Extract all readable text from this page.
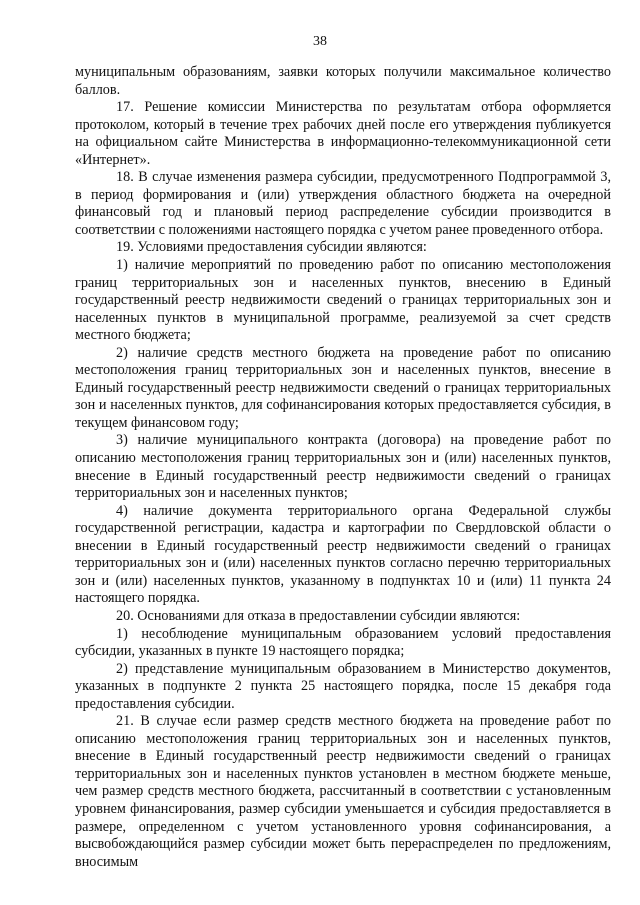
38

муниципальным образованиям, заявки которых получили максимальное количество баллов.

17. Решение комиссии Министерства по результатам отбора оформляется протоколом, который в течение трех рабочих дней после его утверждения публикуется на официальном сайте Министерства в информационно-телекоммуникационной сети «Интернет».

18. В случае изменения размера субсидии, предусмотренного Подпрограммой 3, в период формирования и (или) утверждения областного бюджета на очередной финансовый год и плановый период распределение субсидии производится в соответствии с положениями настоящего порядка с учетом ранее проведенного отбора.

19. Условиями предоставления субсидии являются:

1) наличие мероприятий по проведению работ по описанию местоположения границ территориальных зон и населенных пунктов, внесению в Единый государственный реестр недвижимости сведений о границах территориальных зон и населенных пунктов в муниципальной программе, реализуемой за счет средств местного бюджета;

2) наличие средств местного бюджета на проведение работ по описанию местоположения границ территориальных зон и населенных пунктов, внесение в Единый государственный реестр недвижимости сведений о границах территориальных зон и населенных пунктов, для софинансирования которых предоставляется субсидия, в текущем финансовом году;

3) наличие муниципального контракта (договора) на проведение работ по описанию местоположения границ территориальных зон и (или) населенных пунктов, внесение в Единый государственный реестр недвижимости сведений о границах территориальных зон и населенных пунктов;

4) наличие документа территориального органа Федеральной службы государственной регистрации, кадастра и картографии по Свердловской области о внесении в Единый государственный реестр недвижимости сведений о границах территориальных зон и (или) населенных пунктов согласно перечню территориальных зон и (или) населенных пунктов, указанному в подпунктах 10 и (или) 11 пункта 24 настоящего порядка.

20. Основаниями для отказа в предоставлении субсидии являются:

1) несоблюдение муниципальным образованием условий предоставления субсидии, указанных в пункте 19 настоящего порядка;

2) представление муниципальным образованием в Министерство документов, указанных в подпункте 2 пункта 25 настоящего порядка, после 15 декабря года предоставления субсидии.

21. В случае если размер средств местного бюджета на проведение работ по описанию местоположения границ территориальных зон и населенных пунктов, внесение в Единый государственный реестр недвижимости сведений о границах территориальных зон и населенных пунктов установлен в местном бюджете меньше, чем размер средств местного бюджета, рассчитанный в соответствии с установленным уровнем финансирования, размер субсидии уменьшается и субсидия предоставляется в размере, определенном с учетом установленного уровня софинансирования, а высвобождающийся размер субсидии может быть перераспределен по предложениям, вносимым
